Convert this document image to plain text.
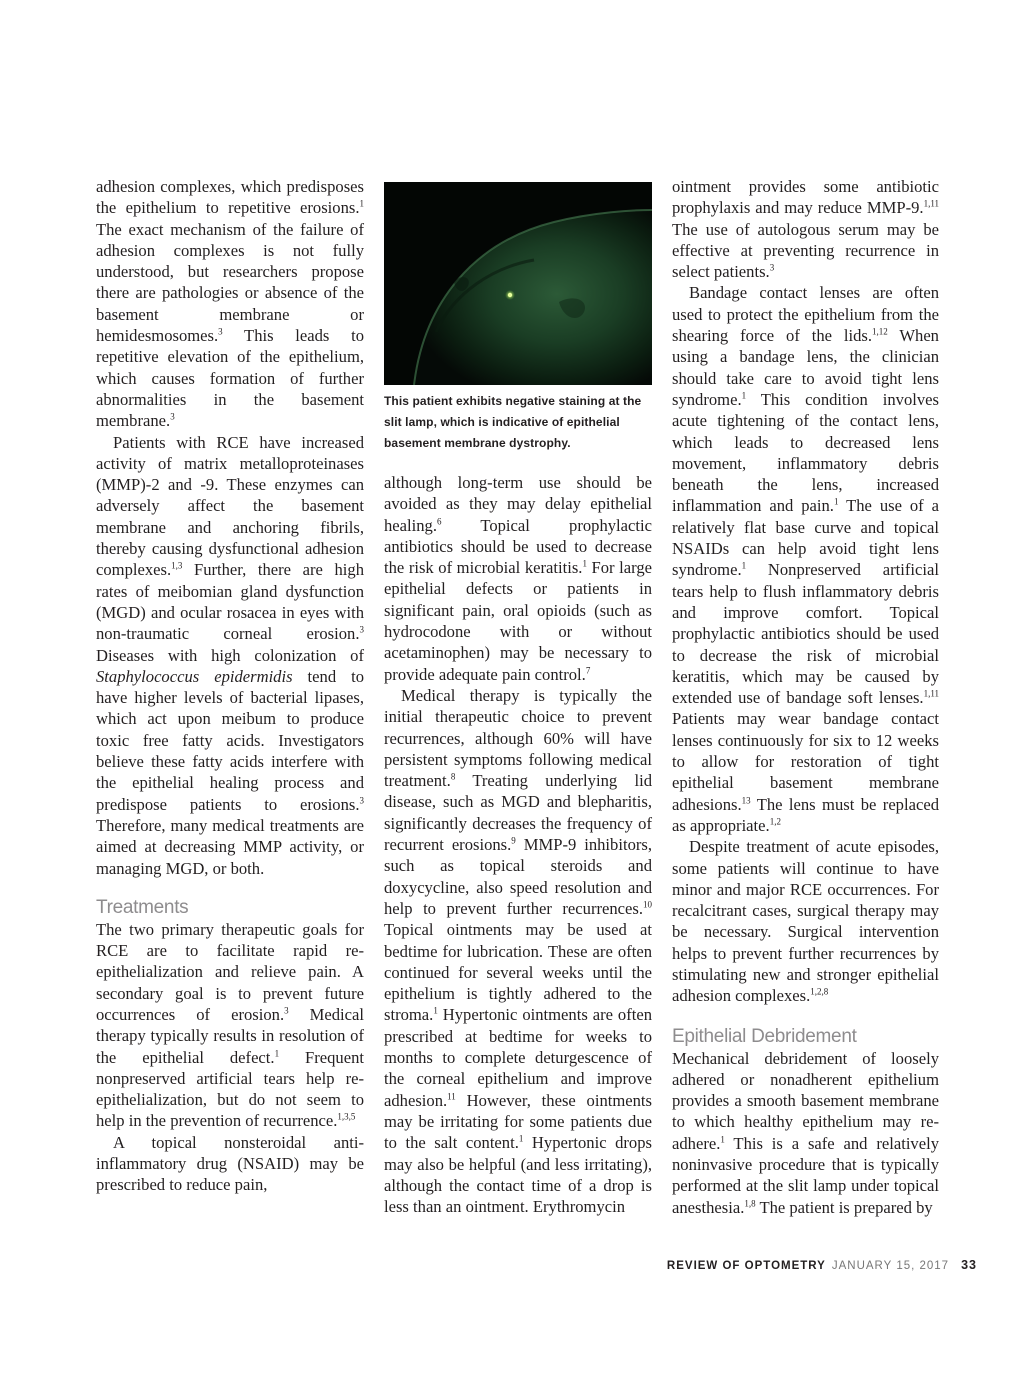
adhesion complexes, which predisposes the epithelium to repetitive erosions.$^1$ The exact mechanism of the failure of adhesion complexes is not fully understood, but researchers propose there are pathologies or absence of the basement membrane or hemidesmosomes.$^3$ This leads to repetitive elevation of the epithelium, which causes formation of further abnormalities in the basement membrane.$^3$

Patients with RCE have increased activity of matrix metalloproteinases (MMP)-2 and -9. These enzymes can adversely affect the basement membrane and anchoring fibrils, thereby causing dysfunctional adhesion complexes.$^{1,3}$ Further, there are high rates of meibomian gland dysfunction (MGD) and ocular rosacea in eyes with non-traumatic corneal erosion.$^3$ Diseases with high colonization of Staphylococcus epidermidis tend to have higher levels of bacterial lipases, which act upon meibum to produce toxic free fatty acids. Investigators believe these fatty acids interfere with the epithelial healing process and predispose patients to erosions.$^3$ Therefore, many medical treatments are aimed at decreasing MMP activity, or managing MGD, or both.

Treatments

The two primary therapeutic goals for RCE are to facilitate rapid re-epithelialization and relieve pain. A secondary goal is to prevent future occurrences of erosion.$^3$ Medical therapy typically results in resolution of the epithelial defect.$^1$ Frequent nonpreserved artificial tears help re-epithelialization, but do not seem to help in the prevention of recurrence.$^{1,3,5}$

A topical nonsteroidal anti-inflammatory drug (NSAID) may be prescribed to reduce pain,

This patient exhibits negative staining at the slit lamp, which is indicative of epithelial basement membrane dystrophy.

although long-term use should be avoided as they may delay epithelial healing.$^6$ Topical prophylactic antibiotics should be used to decrease the risk of microbial keratitis.$^1$ For large epithelial defects or patients in significant pain, oral opioids (such as hydrocodone with or without acetaminophen) may be necessary to provide adequate pain control.$^7$

Medical therapy is typically the initial therapeutic choice to prevent recurrences, although 60% will have persistent symptoms following medical treatment.$^8$ Treating underlying lid disease, such as MGD and blepharitis, significantly decreases the frequency of recurrent erosions.$^9$ MMP-9 inhibitors, such as topical steroids and doxycycline, also speed resolution and help to prevent further recurrences.$^{10}$ Topical ointments may be used at bedtime for lubrication. These are often continued for several weeks until the epithelium is tightly adhered to the stroma.$^1$ Hypertonic ointments are often prescribed at bedtime for weeks to months to complete deturgescence of the corneal epithelium and improve adhesion.$^{11}$ However, these ointments may be irritating for some patients due to the salt content.$^1$ Hypertonic drops may also be helpful (and less irritating), although the contact time of a drop is less than an ointment. Erythromycin

ointment provides some antibiotic prophylaxis and may reduce MMP-9.$^{1,11}$ The use of autologous serum may be effective at preventing recurrence in select patients.$^3$

Bandage contact lenses are often used to protect the epithelium from the shearing force of the lids.$^{1,12}$ When using a bandage lens, the clinician should take care to avoid tight lens syndrome.$^1$ This condition involves acute tightening of the contact lens, which leads to decreased lens movement, inflammatory debris beneath the lens, increased inflammation and pain.$^1$ The use of a relatively flat base curve and topical NSAIDs can help avoid tight lens syndrome.$^1$ Nonpreserved artificial tears help to flush inflammatory debris and improve comfort. Topical prophylactic antibiotics should be used to decrease the risk of microbial keratitis, which may be caused by extended use of bandage soft lenses.$^{1,11}$ Patients may wear bandage contact lenses continuously for six to 12 weeks to allow for restoration of tight epithelial basement membrane adhesions.$^{13}$ The lens must be replaced as appropriate.$^{1,2}$

Despite treatment of acute episodes, some patients will continue to have minor and major RCE occurrences. For recalcitrant cases, surgical therapy may be necessary. Surgical intervention helps to prevent further recurrences by stimulating new and stronger epithelial adhesion complexes.$^{1,2,8}$

Epithelial Debridement

Mechanical debridement of loosely adhered or nonadherent epithelium provides a smooth basement membrane to which healthy epithelium may re-adhere.$^1$ This is a safe and relatively noninvasive procedure that is typically performed at the slit lamp under topical anesthesia.$^{1,8}$ The patient is prepared by

REVIEW OF OPTOMETRY JANUARY 15, 2017 33
